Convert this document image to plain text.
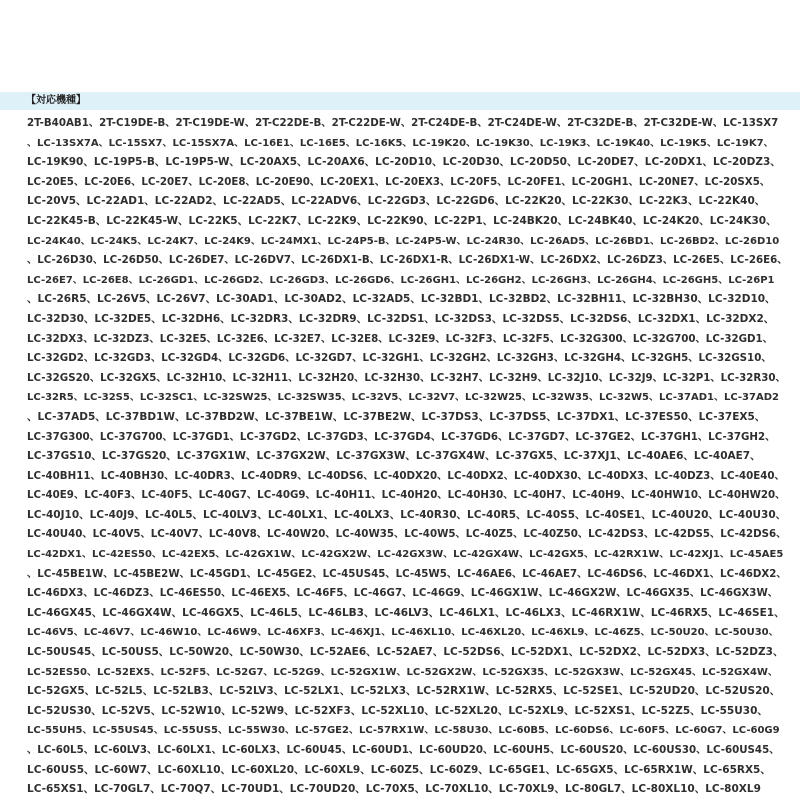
【対応機種】
2T-B40AB1、2T-C19DE-B、2T-C19DE-W、2T-C22DE-B、2T-C22DE-W、2T-C24DE-B、2T-C24DE-W、2T-C32DE-B、2T-C32DE-W、LC-13SX7
、LC-13SX7A、LC-15SX7、LC-15SX7A、LC-16E1、LC-16E5、LC-16K5、LC-19K20、LC-19K30、LC-19K3、LC-19K40、LC-19K5、LC-19K7、
LC-19K90、LC-19P5-B、LC-19P5-W、LC-20AX5、LC-20AX6、LC-20D10、LC-20D30、LC-20D50、LC-20DE7、LC-20DX1、LC-20DZ3、
LC-20E5、LC-20E6、LC-20E7、LC-20E8、LC-20E90、LC-20EX1、LC-20EX3、LC-20F5、LC-20FE1、LC-20GH1、LC-20NE7、LC-20SX5、
LC-20V5、LC-22AD1、LC-22AD2、LC-22AD5、LC-22ADV6、LC-22GD3、LC-22GD6、LC-22K20、LC-22K30、LC-22K3、LC-22K40、
LC-22K45-B、LC-22K45-W、LC-22K5、LC-22K7、LC-22K9、LC-22K90、LC-22P1、LC-24BK20、LC-24BK40、LC-24K20、LC-24K30、
LC-24K40、LC-24K5、LC-24K7、LC-24K9、LC-24MX1、LC-24P5-B、LC-24P5-W、LC-24R30、LC-26AD5、LC-26BD1、LC-26BD2、LC-26D10
、LC-26D30、LC-26D50、LC-26DE7、LC-26DV7、LC-26DX1-B、LC-26DX1-R、LC-26DX1-W、LC-26DX2、LC-26DZ3、LC-26E5、LC-26E6、
LC-26E7、LC-26E8、LC-26GD1、LC-26GD2、LC-26GD3、LC-26GD6、LC-26GH1、LC-26GH2、LC-26GH3、LC-26GH4、LC-26GH5、LC-26P1
、LC-26R5、LC-26V5、LC-26V7、LC-30AD1、LC-30AD2、LC-32AD5、LC-32BD1、LC-32BD2、LC-32BH11、LC-32BH30、LC-32D10、
LC-32D30、LC-32DE5、LC-32DH6、LC-32DR3、LC-32DR9、LC-32DS1、LC-32DS3、LC-32DS5、LC-32DS6、LC-32DX1、LC-32DX2、
LC-32DX3、LC-32DZ3、LC-32E5、LC-32E6、LC-32E7、LC-32E8、LC-32E9、LC-32F3、LC-32F5、LC-32G300、LC-32G700、LC-32GD1、
LC-32GD2、LC-32GD3、LC-32GD4、LC-32GD6、LC-32GD7、LC-32GH1、LC-32GH2、LC-32GH3、LC-32GH4、LC-32GH5、LC-32GS10、
LC-32GS20、LC-32GX5、LC-32H10、LC-32H11、LC-32H20、LC-32H30、LC-32H7、LC-32H9、LC-32J10、LC-32J9、LC-32P1、LC-32R30、
LC-32R5、LC-32S5、LC-32SC1、LC-32SW25、LC-32SW35、LC-32V5、LC-32V7、LC-32W25、LC-32W35、LC-32W5、LC-37AD1、LC-37AD2
、LC-37AD5、LC-37BD1W、LC-37BD2W、LC-37BE1W、LC-37BE2W、LC-37DS3、LC-37DS5、LC-37DX1、LC-37ES50、LC-37EX5、
LC-37G300、LC-37G700、LC-37GD1、LC-37GD2、LC-37GD3、LC-37GD4、LC-37GD6、LC-37GD7、LC-37GE2、LC-37GH1、LC-37GH2、
LC-37GS10、LC-37GS20、LC-37GX1W、LC-37GX2W、LC-37GX3W、LC-37GX4W、LC-37GX5、LC-37XJ1、LC-40AE6、LC-40AE7、
LC-40BH11、LC-40BH30、LC-40DR3、LC-40DR9、LC-40DS6、LC-40DX20、LC-40DX2、LC-40DX30、LC-40DX3、LC-40DZ3、LC-40E40、
LC-40E9、LC-40F3、LC-40F5、LC-40G7、LC-40G9、LC-40H11、LC-40H20、LC-40H30、LC-40H7、LC-40H9、LC-40HW10、LC-40HW20、
LC-40J10、LC-40J9、LC-40L5、LC-40LV3、LC-40LX1、LC-40LX3、LC-40R30、LC-40R5、LC-40S5、LC-40SE1、LC-40U20、LC-40U30、
LC-40U40、LC-40V5、LC-40V7、LC-40V8、LC-40W20、LC-40W35、LC-40W5、LC-40Z5、LC-40Z50、LC-42DS3、LC-42DS5、LC-42DS6、
LC-42DX1、LC-42ES50、LC-42EX5、LC-42GX1W、LC-42GX2W、LC-42GX3W、LC-42GX4W、LC-42GX5、LC-42RX1W、LC-42XJ1、LC-45AE5
、LC-45BE1W、LC-45BE2W、LC-45GD1、LC-45GE2、LC-45US45、LC-45W5、LC-46AE6、LC-46AE7、LC-46DS6、LC-46DX1、LC-46DX2、
LC-46DX3、LC-46DZ3、LC-46ES50、LC-46EX5、LC-46F5、LC-46G7、LC-46G9、LC-46GX1W、LC-46GX2W、LC-46GX35、LC-46GX3W、
LC-46GX45、LC-46GX4W、LC-46GX5、LC-46L5、LC-46LB3、LC-46LV3、LC-46LX1、LC-46LX3、LC-46RX1W、LC-46RX5、LC-46SE1、
LC-46V5、LC-46V7、LC-46W10、LC-46W9、LC-46XF3、LC-46XJ1、LC-46XL10、LC-46XL20、LC-46XL9、LC-46Z5、LC-50U20、LC-50U30、
LC-50US45、LC-50US5、LC-50W20、LC-50W30、LC-52AE6、LC-52AE7、LC-52DS6、LC-52DX1、LC-52DX2、LC-52DX3、LC-52DZ3、
LC-52ES50、LC-52EX5、LC-52F5、LC-52G7、LC-52G9、LC-52GX1W、LC-52GX2W、LC-52GX35、LC-52GX3W、LC-52GX45、LC-52GX4W、
LC-52GX5、LC-52L5、LC-52LB3、LC-52LV3、LC-52LX1、LC-52LX3、LC-52RX1W、LC-52RX5、LC-52SE1、LC-52UD20、LC-52US20、
LC-52US30、LC-52V5、LC-52W10、LC-52W9、LC-52XF3、LC-52XL10、LC-52XL20、LC-52XL9、LC-52XS1、LC-52Z5、LC-55U30、
LC-55UH5、LC-55US45、LC-55US5、LC-55W30、LC-57GE2、LC-57RX1W、LC-58U30、LC-60B5、LC-60DS6、LC-60F5、LC-60G7、LC-60G9
、LC-60L5、LC-60LV3、LC-60LX1、LC-60LX3、LC-60U45、LC-60UD1、LC-60UD20、LC-60UH5、LC-60US20、LC-60US30、LC-60US45、
LC-60US5、LC-60W7、LC-60XL10、LC-60XL20、LC-60XL9、LC-60Z5、LC-60Z9、LC-65GE1、LC-65GX5、LC-65RX1W、LC-65RX5、
LC-65XS1、LC-70GL7、LC-70Q7、LC-70UD1、LC-70UD20、LC-70X5、LC-70XL10、LC-70XL9、LC-80GL7、LC-80XL10、LC-80XL9
